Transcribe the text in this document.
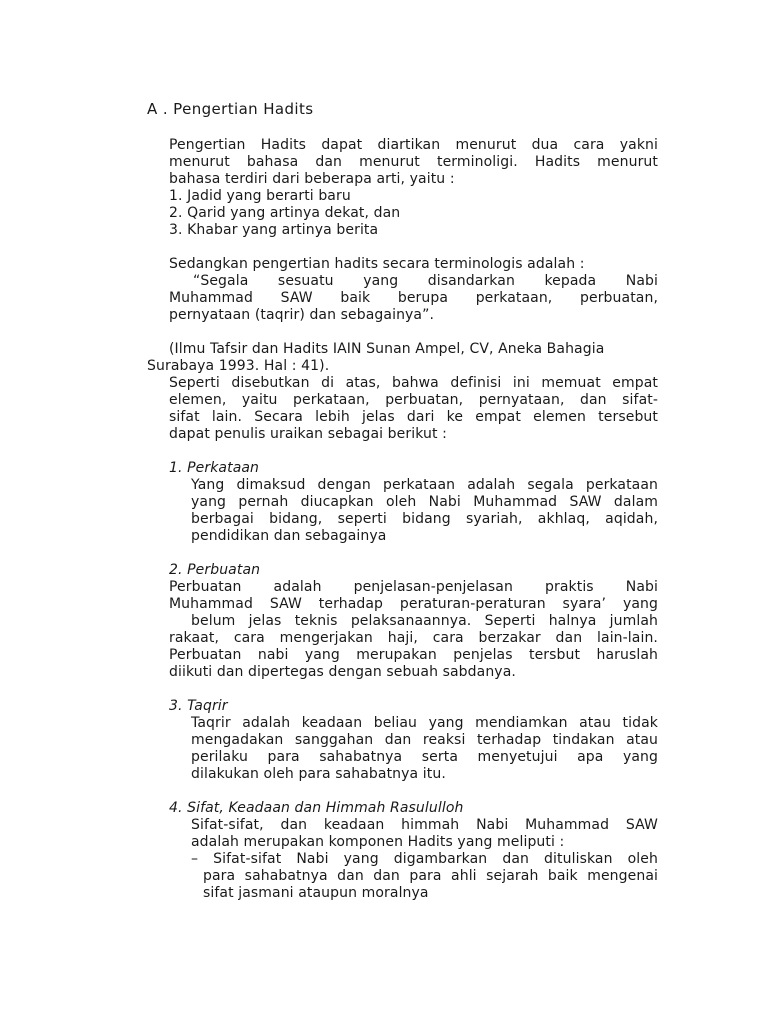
A . Pengertian Hadits
Pengertian Hadits dapat diartikan menurut dua cara yakni
menurut bahasa dan menurut terminoligi. Hadits menurut
bahasa terdiri dari beberapa arti, yaitu :
1. Jadid yang berarti baru
2. Qarid yang artinya dekat, dan
3. Khabar yang artinya berita
Sedangkan pengertian hadits secara terminologis adalah :
“Segala sesuatu yang disandarkan kepada Nabi
Muhammad SAW baik berupa perkataan, perbuatan,
pernyataan (taqrir) dan sebagainya”.
(Ilmu Tafsir dan Hadits IAIN Sunan Ampel, CV, Aneka Bahagia
Surabaya 1993. Hal : 41).
Seperti disebutkan di atas, bahwa definisi ini memuat empat
elemen, yaitu perkataan, perbuatan, pernyataan, dan sifat-
sifat lain. Secara lebih jelas dari ke empat elemen tersebut
dapat penulis uraikan sebagai berikut :
1. Perkataan
Yang dimaksud dengan perkataan adalah segala perkataan
yang pernah diucapkan oleh Nabi Muhammad SAW dalam
berbagai bidang, seperti bidang syariah, akhlaq, aqidah,
pendidikan dan sebagainya
2. Perbuatan
Perbuatan adalah penjelasan-penjelasan praktis Nabi
Muhammad SAW terhadap peraturan-peraturan syara’ yang
belum jelas teknis pelaksanaannya. Seperti halnya jumlah
rakaat, cara mengerjakan haji, cara berzakar dan lain-lain.
Perbuatan nabi yang merupakan penjelas tersbut haruslah
diikuti dan dipertegas dengan sebuah sabdanya.
3. Taqrir
Taqrir adalah keadaan beliau yang mendiamkan atau tidak
mengadakan sanggahan dan reaksi terhadap tindakan atau
perilaku para sahabatnya serta menyetujui apa yang
dilakukan oleh para sahabatnya itu.
4. Sifat, Keadaan dan Himmah Rasululloh
Sifat-sifat, dan keadaan himmah Nabi Muhammad SAW
adalah merupakan komponen Hadits yang meliputi :
– Sifat-sifat Nabi yang digambarkan dan dituliskan oleh
para sahabatnya dan dan para ahli sejarah baik mengenai
sifat jasmani ataupun moralnya
